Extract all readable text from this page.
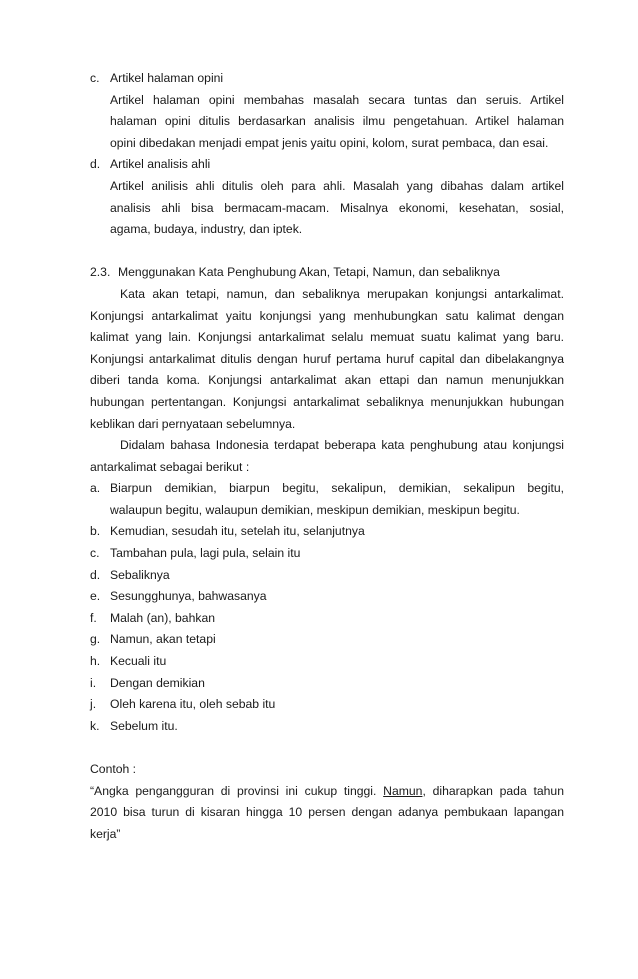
c. Artikel halaman opini
Artikel halaman opini membahas masalah secara tuntas dan seruis. Artikel
halaman opini ditulis berdasarkan analisis ilmu pengetahuan. Artikel halaman
opini dibedakan menjadi empat jenis yaitu opini, kolom, surat pembaca, dan esai.
d. Artikel analisis ahli
Artikel anilisis ahli ditulis oleh para ahli. Masalah yang dibahas dalam artikel
analisis ahli bisa bermacam-macam. Misalnya ekonomi, kesehatan, sosial,
agama, budaya, industry, dan iptek.
2.3. Menggunakan Kata Penghubung Akan, Tetapi, Namun, dan sebaliknya
Kata akan tetapi, namun, dan sebaliknya merupakan konjungsi antarkalimat.
Konjungsi antarkalimat yaitu konjungsi yang menhubungkan satu kalimat dengan
kalimat yang lain. Konjungsi antarkalimat selalu memuat suatu kalimat yang baru.
Konjungsi antarkalimat ditulis dengan huruf pertama huruf capital dan dibelakangnya
diberi tanda koma. Konjungsi antarkalimat akan ettapi dan namun menunjukkan
hubungan pertentangan. Konjungsi antarkalimat sebaliknya menunjukkan hubungan
keblikan dari pernyataan sebelumnya.
Didalam bahasa Indonesia terdapat beberapa kata penghubung atau konjungsi
antarkalimat sebagai berikut :
a. Biarpun demikian, biarpun begitu, sekalipun, demikian, sekalipun begitu,
walaupun begitu, walaupun demikian, meskipun demikian, meskipun begitu.
b. Kemudian, sesudah itu, setelah itu, selanjutnya
c. Tambahan pula, lagi pula, selain itu
d. Sebaliknya
e. Sesungghunya, bahwasanya
f.	Malah (an), bahkan
g. Namun, akan tetapi
h. Kecuali itu
i.	Dengan demikian
j.	Oleh karena itu, oleh sebab itu
k. Sebelum itu.
Contoh :
“Angka pengangguran di provinsi ini cukup tinggi. Namun, diharapkan pada tahun
2010 bisa turun di kisaran hingga 10 persen dengan adanya pembukaan lapangan
kerja”
